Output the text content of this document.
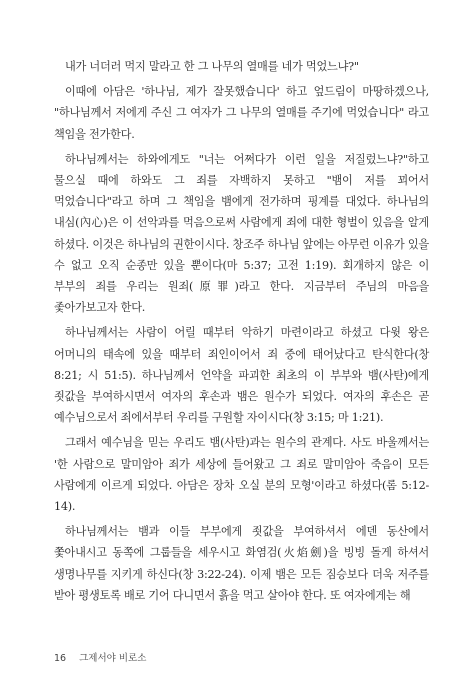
내가 너더러 먹지 말라고 한 그 나무의 열매를 네가 먹었느냐?"

이때에 아담은 '하나님, 제가 잘못했습니다' 하고 엎드림이 마땅하겠으나, "하나님께서 저에게 주신 그 여자가 그 나무의 열매를 주기에 먹었습니다" 라고 책임을 전가한다.

하나님께서는 하와에게도 "너는 어쩌다가 이런 일을 저질렀느냐?"하고 물으실 때에 하와도 그 죄를 자백하지 못하고 "뱀이 저를 꾀어서 먹었습니다"라고 하며 그 책임을 뱀에게 전가하며 핑계를 대었다. 하나님의 내심(內心)은 이 선악과를 먹음으로써 사람에게 죄에 대한 형벌이 있음을 알게 하셨다. 이것은 하나님의 권한이시다. 창조주 하나님 앞에는 아무런 이유가 있을 수 없고 오직 순종만 있을 뿐이다(마 5:37; 고전 1:19). 회개하지 않은 이 부부의 죄를 우리는 원죄(原罪)라고 한다. 지금부터 주님의 마음을 좇아가보고자 한다.

하나님께서는 사람이 어릴 때부터 악하기 마련이라고 하셨고 다윗 왕은 어머니의 태속에 있을 때부터 죄인이어서 죄 중에 태어났다고 탄식한다(창 8:21; 시 51:5). 하나님께서 언약을 파괴한 최초의 이 부부와 뱀(사탄)에게 죗값을 부여하시면서 여자의 후손과 뱀은 원수가 되었다. 여자의 후손은 곧 예수님으로서 죄에서부터 우리를 구원할 자이시다(창 3:15; 마 1:21).

그래서 예수님을 믿는 우리도 뱀(사탄)과는 원수의 관계다. 사도 바울께서는 '한 사람으로 말미암아 죄가 세상에 들어왔고 그 죄로 말미암아 죽음이 모든 사람에게 이르게 되었다. 아담은 장차 오실 분의 모형'이라고 하셨다(롬 5:12-14).

하나님께서는 뱀과 이들 부부에게 죗값을 부여하셔서 에덴 동산에서 쫓아내시고 동쪽에 그룹들을 세우시고 화염검(火焰劍)을 빙빙 돌게 하셔서 생명나무를 지키게 하신다(창 3:22-24). 이제 뱀은 모든 짐승보다 더욱 저주를 받아 평생토록 배로 기어 다니면서 흙을 먹고 살아야 한다. 또 여자에게는 해

16 그제서야 비로소
